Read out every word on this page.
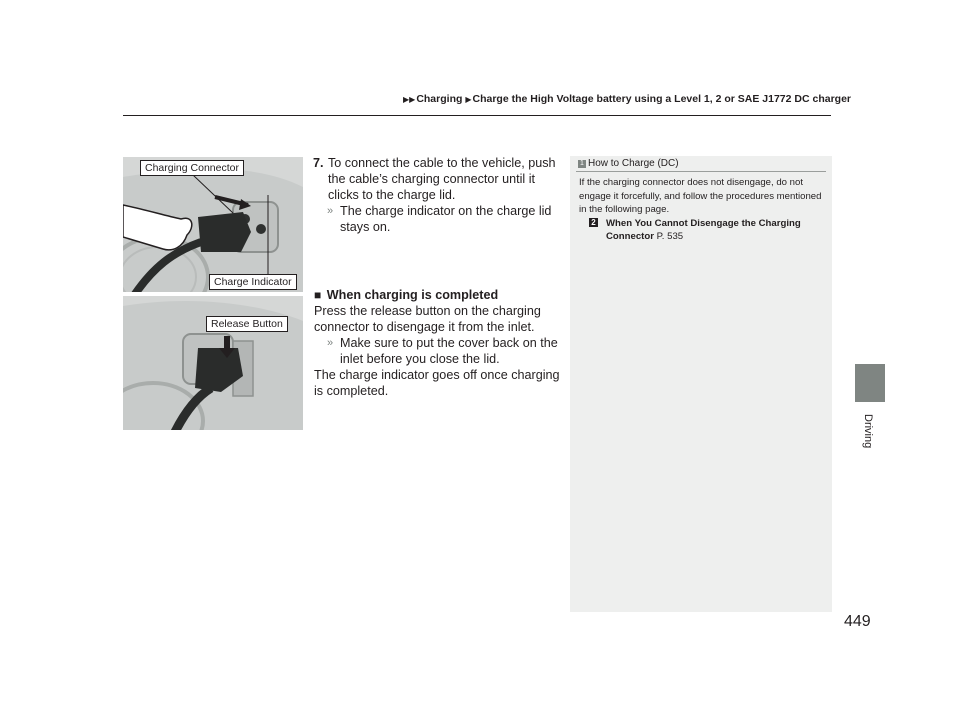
▶▶Charging ▶Charge the High Voltage battery using a Level 1, 2 or SAE J1772 DC charger
Driving
449
Charging Connector
Charge Indicator
Release Button
7. To connect the cable to the vehicle, push the cable’s charging connector until it clicks to the charge lid.
» The charge indicator on the charge lid stays on.
■ When charging is completed
Press the release button on the charging connector to disengage it from the inlet.
» Make sure to put the cover back on the inlet before you close the lid.
The charge indicator goes off once charging is completed.
1 How to Charge (DC)
If the charging connector does not disengage, do not engage it forcefully, and follow the procedures mentioned in the following page.
2 When You Cannot Disengage the Charging Connector P. 535
